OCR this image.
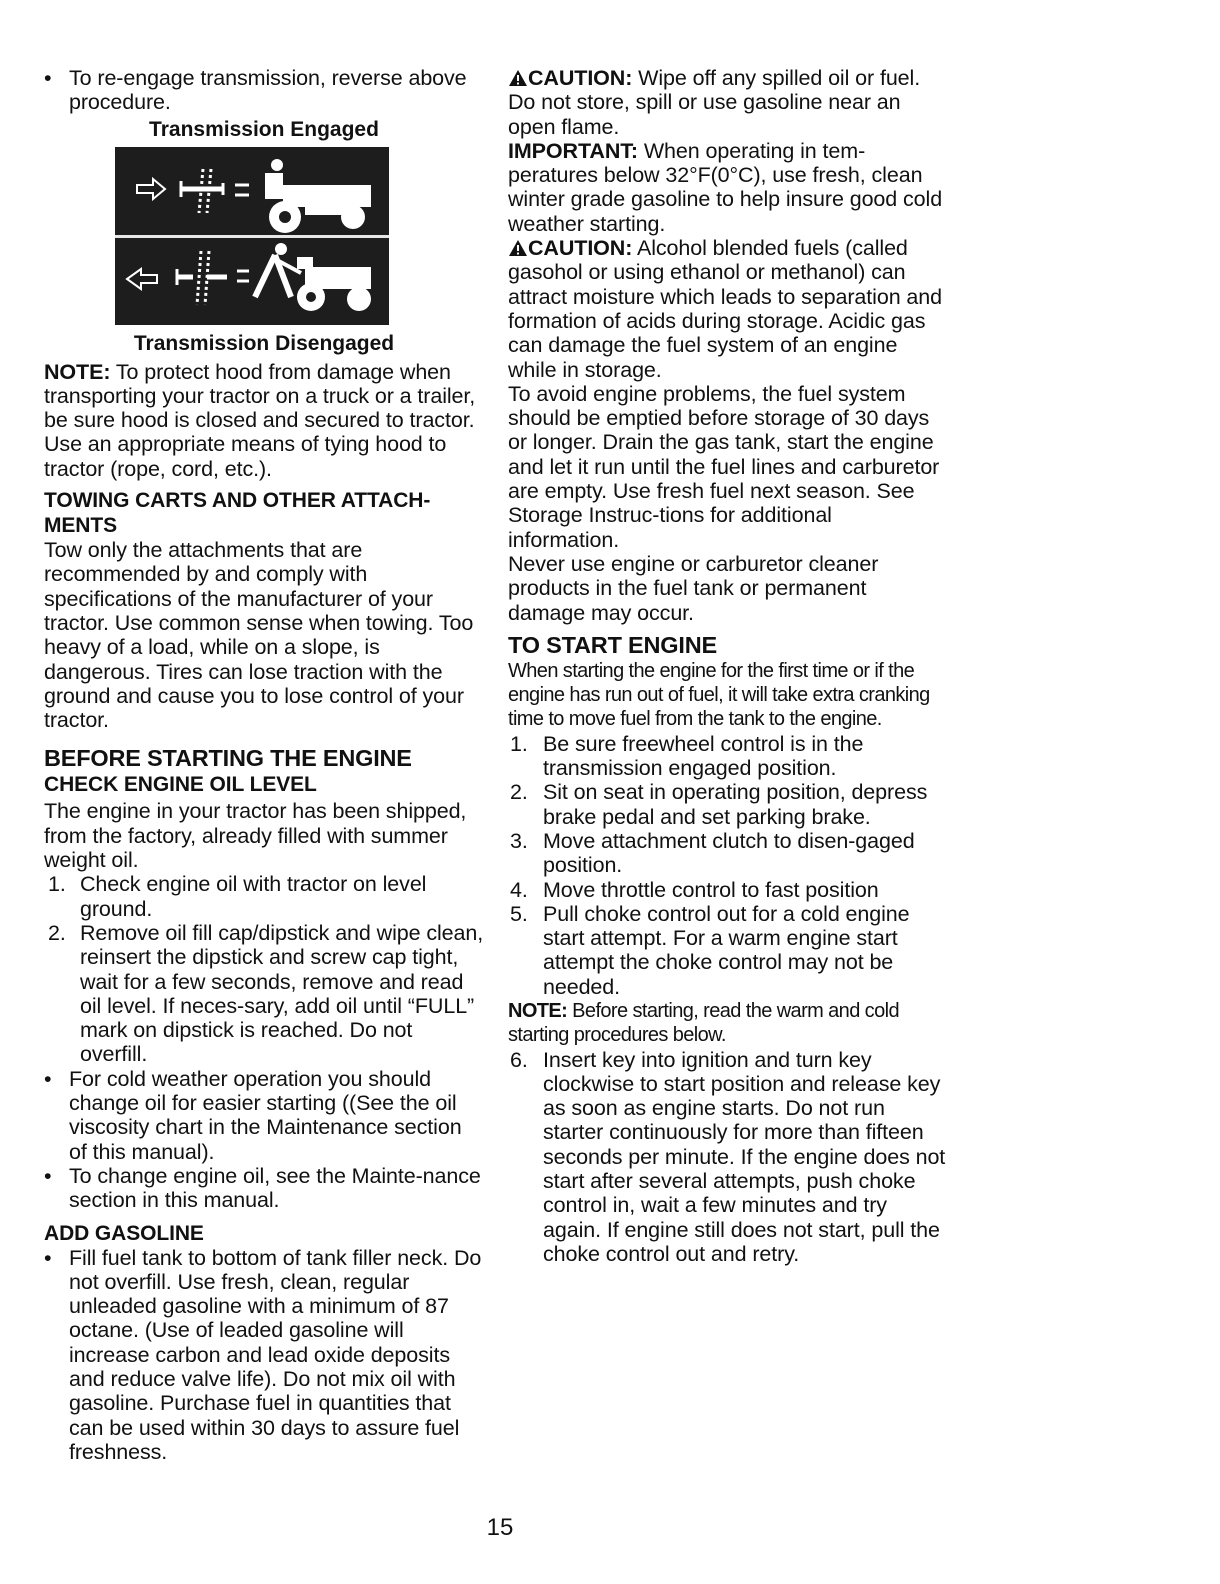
• To re-engage transmission, reverse above procedure.

Transmission Engaged

Transmission Disengaged

NOTE: To protect hood from damage when transporting your tractor on a truck or a trailer, be sure hood is closed and secured to tractor. Use an appropriate means of tying hood to tractor (rope, cord, etc.).

TOWING CARTS AND OTHER ATTACH-MENTS

Tow only the attachments that are recommended by and comply with specifications of the manufacturer of your tractor. Use common sense when towing. Too heavy of a load, while on a slope, is dangerous. Tires can lose traction with the ground and cause you to lose control of your tractor.

BEFORE STARTING THE ENGINE

CHECK ENGINE OIL LEVEL

The engine in your tractor has been shipped, from the factory, already filled with summer weight oil.

1. Check engine oil with tractor on level ground.
2. Remove oil fill cap/dipstick and wipe clean, reinsert the dipstick and screw cap tight, wait for a few seconds, remove and read oil level. If neces-sary, add oil until “FULL” mark on dipstick is reached. Do not overfill.

• For cold weather operation you should change oil for easier starting ((See the oil viscosity chart in the Maintenance section of this manual).

• To change engine oil, see the Mainte-nance section in this manual.

ADD GASOLINE

• Fill fuel tank to bottom of tank filler neck. Do not overfill. Use fresh, clean, regular unleaded gasoline with a minimum of 87 octane. (Use of leaded gasoline will increase carbon and lead oxide deposits and reduce valve life). Do not mix oil with gasoline. Purchase fuel in quantities that can be used within 30 days to assure fuel freshness.

CAUTION: Wipe off any spilled oil or fuel. Do not store, spill or use gasoline near an open flame.

IMPORTANT: When operating in tem-peratures below 32°F(0°C), use fresh, clean winter grade gasoline to help insure good cold weather starting.

CAUTION: Alcohol blended fuels (called gasohol or using ethanol or methanol) can attract moisture which leads to separation and formation of acids during storage. Acidic gas can damage the fuel system of an engine while in storage.

To avoid engine problems, the fuel system should be emptied before storage of 30 days or longer. Drain the gas tank, start the engine and let it run until the fuel lines and carburetor are empty. Use fresh fuel next season. See Storage Instruc-tions for additional information.

Never use engine or carburetor cleaner products in the fuel tank or permanent damage may occur.

TO START ENGINE

When starting the engine for the first time or if the engine has run out of fuel, it will take extra cranking time to move fuel from the tank to the engine.

1. Be sure freewheel control is in the transmission engaged position.
2. Sit on seat in operating position, depress brake pedal and set parking brake.
3. Move attachment clutch to disen-gaged position.
4. Move throttle control to fast position
5. Pull choke control out for a cold engine start attempt. For a warm engine start attempt the choke control may not be needed.

NOTE: Before starting, read the warm and cold starting procedures below.

6. Insert key into ignition and turn key clockwise to start position and release key as soon as engine starts. Do not run starter continuously for more than fifteen seconds per minute. If the engine does not start after several attempts, push choke control in, wait a few minutes and try again. If engine still does not start, pull the choke control out and retry.
15
